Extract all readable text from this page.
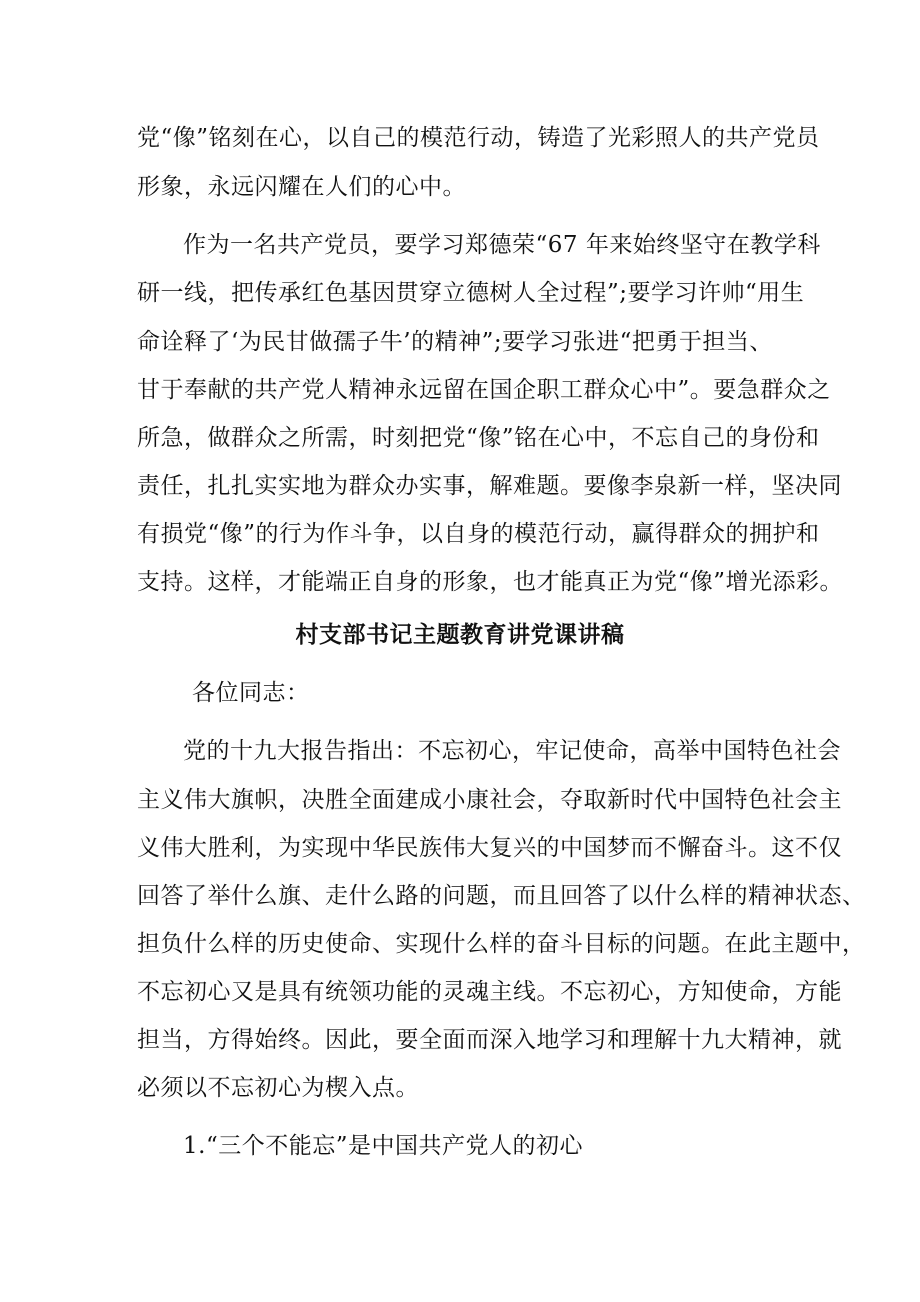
党“像”铭刻在心，以自己的模范行动，铸造了光彩照人的共产党员
形象，永远闪耀在人们的心中。
作为一名共产党员，要学习郑德荣“67 年来始终坚守在教学科
研一线，把传承红色基因贯穿立德树人全过程”;要学习许帅“用生
命诠释了‘为民甘做孺子牛’的精神”;要学习张进“把勇于担当、
甘于奉献的共产党人精神永远留在国企职工群众心中”。要急群众之
所急，做群众之所需，时刻把党“像”铭在心中，不忘自己的身份和
责任，扎扎实实地为群众办实事，解难题。要像李泉新一样，坚决同
有损党“像”的行为作斗争，以自身的模范行动，赢得群众的拥护和
支持。这样，才能端正自身的形象，也才能真正为党“像”增光添彩。
村支部书记主题教育讲党课讲稿
各位同志：
党的十九大报告指出：不忘初心，牢记使命，高举中国特色社会
主义伟大旗帜，决胜全面建成小康社会，夺取新时代中国特色社会主
义伟大胜利，为实现中华民族伟大复兴的中国梦而不懈奋斗。这不仅
回答了举什么旗、走什么路的问题，而且回答了以什么样的精神状态、
担负什么样的历史使命、实现什么样的奋斗目标的问题。在此主题中，
不忘初心又是具有统领功能的灵魂主线。不忘初心，方知使命，方能
担当，方得始终。因此，要全面而深入地学习和理解十九大精神，就
必须以不忘初心为楔入点。
1.“三个不能忘”是中国共产党人的初心
